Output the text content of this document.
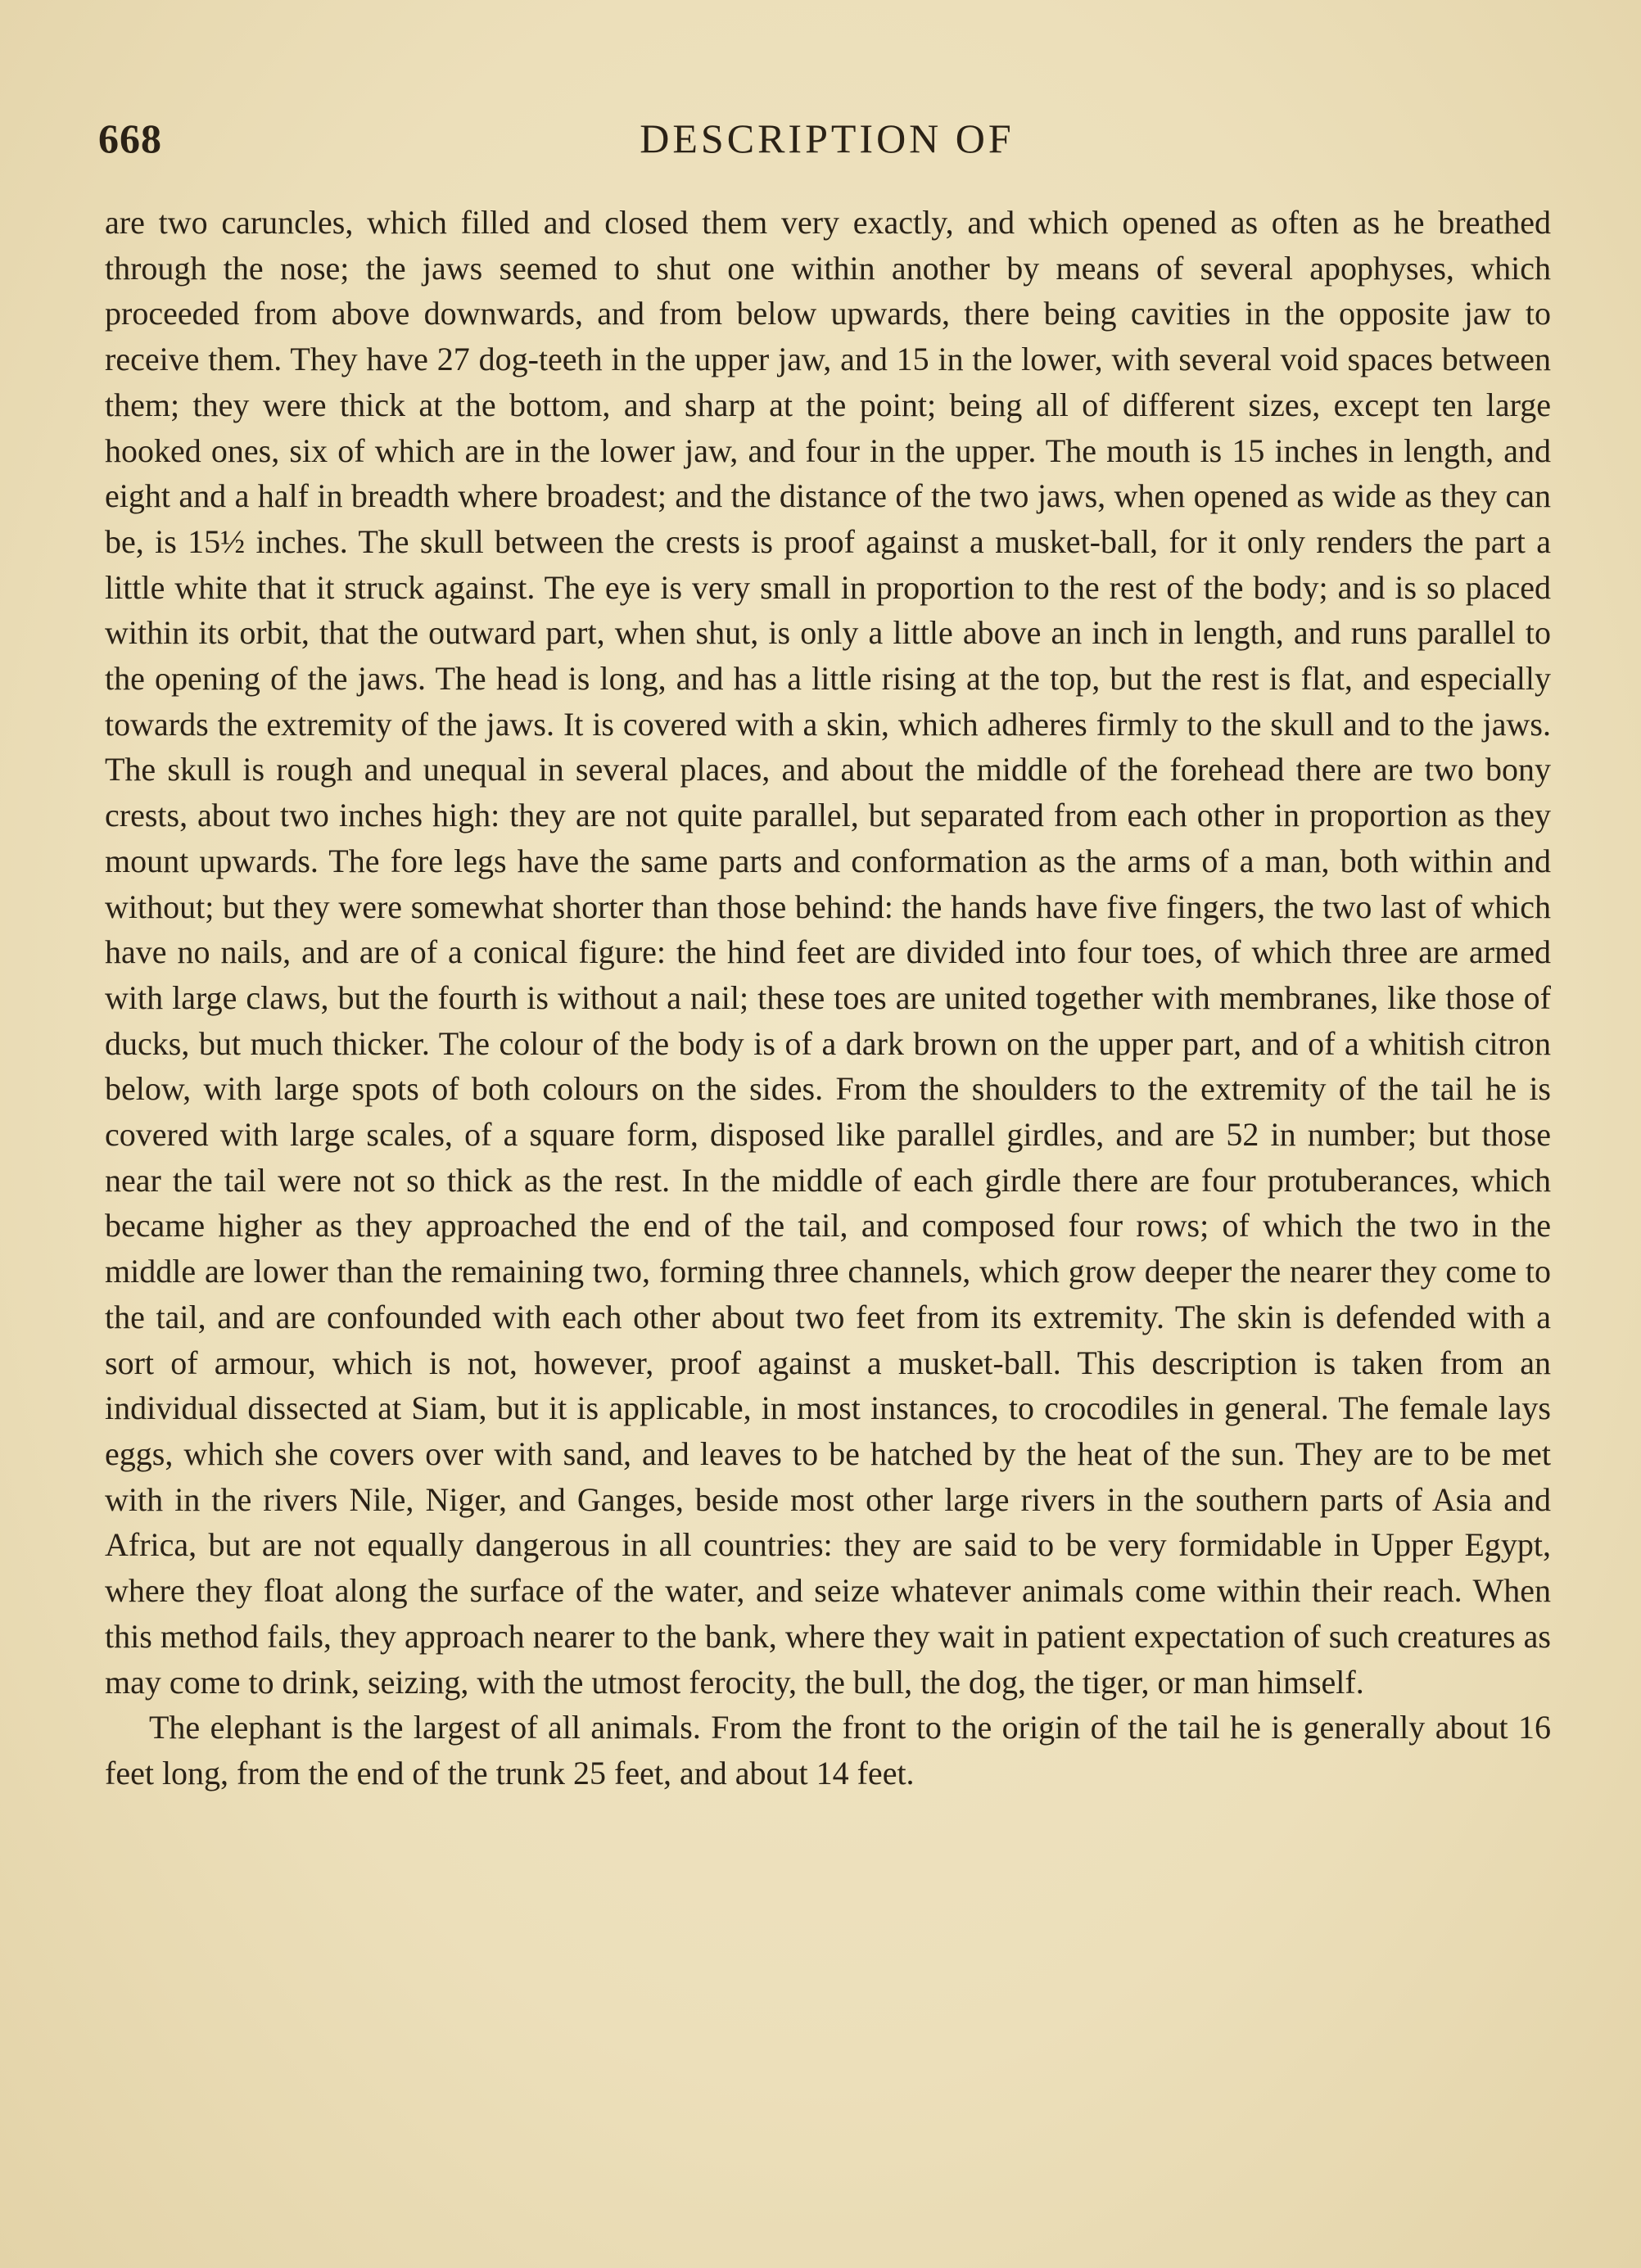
668	DESCRIPTION OF

are two caruncles, which filled and closed them very exactly, and which opened as often as he breathed through the nose; the jaws seemed to shut one within another by means of several apophyses, which proceeded from above downwards, and from below upwards, there being cavities in the opposite jaw to receive them. They have 27 dog-teeth in the upper jaw, and 15 in the lower, with several void spaces between them; they were thick at the bottom, and sharp at the point; being all of different sizes, except ten large hooked ones, six of which are in the lower jaw, and four in the upper. The mouth is 15 inches in length, and eight and a half in breadth where broadest; and the distance of the two jaws, when opened as wide as they can be, is 15½ inches. The skull between the crests is proof against a musket-ball, for it only renders the part a little white that it struck against. The eye is very small in proportion to the rest of the body; and is so placed within its orbit, that the outward part, when shut, is only a little above an inch in length, and runs parallel to the opening of the jaws. The head is long, and has a little rising at the top, but the rest is flat, and especially towards the extremity of the jaws. It is covered with a skin, which adheres firmly to the skull and to the jaws. The skull is rough and unequal in several places, and about the middle of the forehead there are two bony crests, about two inches high: they are not quite parallel, but separated from each other in proportion as they mount upwards. The fore legs have the same parts and conformation as the arms of a man, both within and without; but they were somewhat shorter than those behind: the hands have five fingers, the two last of which have no nails, and are of a conical figure: the hind feet are divided into four toes, of which three are armed with large claws, but the fourth is without a nail; these toes are united together with membranes, like those of ducks, but much thicker. The colour of the body is of a dark brown on the upper part, and of a whitish citron below, with large spots of both colours on the sides. From the shoulders to the extremity of the tail he is covered with large scales, of a square form, disposed like parallel girdles, and are 52 in number; but those near the tail were not so thick as the rest. In the middle of each girdle there are four protuberances, which became higher as they approached the end of the tail, and composed four rows; of which the two in the middle are lower than the remaining two, forming three channels, which grow deeper the nearer they come to the tail, and are confounded with each other about two feet from its extremity. The skin is defended with a sort of armour, which is not, however, proof against a musket-ball. This description is taken from an individual dissected at Siam, but it is applicable, in most instances, to crocodiles in general. The female lays eggs, which she covers over with sand, and leaves to be hatched by the heat of the sun. They are to be met with in the rivers Nile, Niger, and Ganges, beside most other large rivers in the southern parts of Asia and Africa, but are not equally dangerous in all countries: they are said to be very formidable in Upper Egypt, where they float along the surface of the water, and seize whatever animals come within their reach. When this method fails, they approach nearer to the bank, where they wait in patient expectation of such creatures as may come to drink, seizing, with the utmost ferocity, the bull, the dog, the tiger, or man himself.

The elephant is the largest of all animals. From the front to the origin of the tail he is generally about 16 feet long, from the end of the trunk 25 feet, and about 14 feet.
